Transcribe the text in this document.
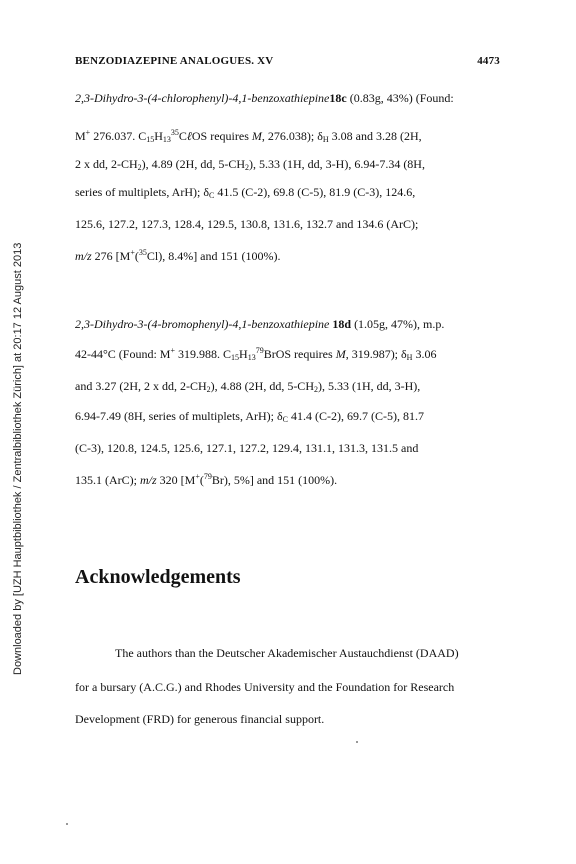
BENZODIAZEPINE ANALOGUES. XV	4473
Downloaded by [UZH Hauptbibliothek / Zentralbibliothek Zürich] at 20:17 12 August 2013
2,3-Dihydro-3-(4-chlorophenyl)-4,1-benzoxathiepine18c (0.83g, 43%) (Found:
M+ 276.037. $C_{15}H_{13}^{35}C\ell OS$ requires M, 276.038); $\delta_H$ 3.08 and 3.28 (2H,
2 x dd, $2-CH_2$), 4.89 (2H, dd, $5-CH_2$), 5.33 (1H, dd, 3-H), 6.94-7.34 (8H,
series of multiplets, ArH); $\delta_C$ 41.5 (C-2), 69.8 (C-5), 81.9 (C-3), 124.6,
125.6, 127.2, 127.3, 128.4, 129.5, 130.8, 131.6, 132.7 and 134.6 (ArC);
m/z 276 [M+($^{35}$Cl), 8.4%] and 151 (100%).
2,3-Dihydro-3-(4-bromophenyl)-4,1-benzoxathiepine 18d (1.05g, 47%), m.p.
42-44°C (Found: M+ 319.988. $C_{15}H_{13}^{79}BrOS$ requires M, 319.987); $\delta_H$ 3.06
and 3.27 (2H, 2 x dd, $2-CH_2$), 4.88 (2H, dd, $5-CH_2$), 5.33 (1H, dd, 3-H),
6.94-7.49 (8H, series of multiplets, ArH); $\delta_C$ 41.4 (C-2), 69.7 (C-5), 81.7
(C-3), 120.8, 124.5, 125.6, 127.1, 127.2, 129.4, 131.1, 131.3, 131.5 and
135.1 (ArC); m/z 320 [M+($^{79}$Br), 5%] and 151 (100%).
Acknowledgements
The authors than the Deutscher Akademischer Austauchdienst (DAAD)
for a bursary (A.C.G.) and Rhodes University and the Foundation for Research
Development (FRD) for generous financial support.
